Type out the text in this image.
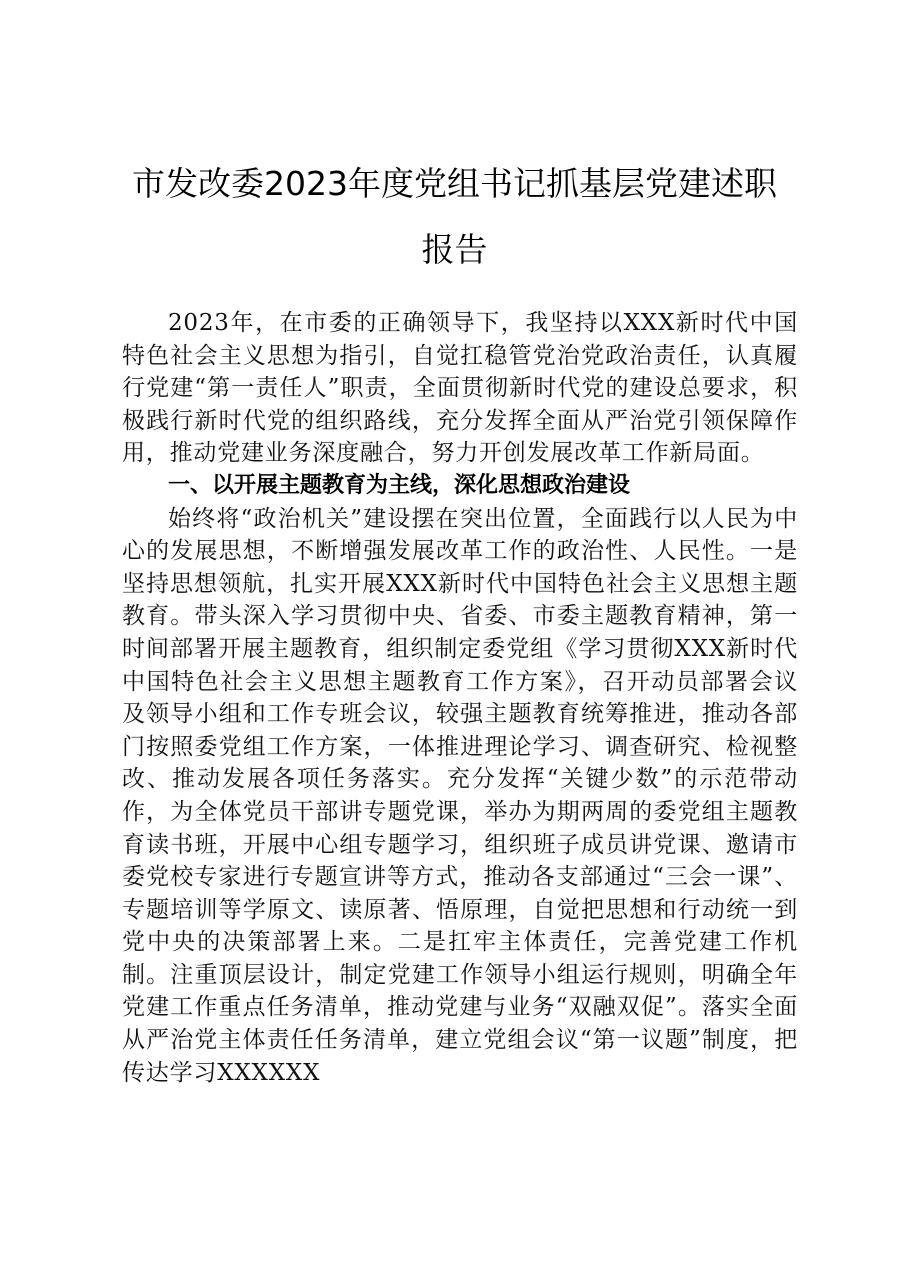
市发改委2023年度党组书记抓基层党建述职
报告

2023年，在市委的正确领导下，我坚持以XXX新时代中国特色社会主义思想为指引，自觉扛稳管党治党政治责任，认真履行党建“第一责任人”职责，全面贯彻新时代党的建设总要求，积极践行新时代党的组织路线，充分发挥全面从严治党引领保障作用，推动党建业务深度融合，努力开创发展改革工作新局面。

一、以开展主题教育为主线，深化思想政治建设

始终将“政治机关”建设摆在突出位置，全面践行以人民为中心的发展思想，不断增强发展改革工作的政治性、人民性。一是坚持思想领航，扎实开展XXX新时代中国特色社会主义思想主题教育。带头深入学习贯彻中央、省委、市委主题教育精神，第一时间部署开展主题教育，组织制定委党组《学习贯彻XXX新时代中国特色社会主义思想主题教育工作方案》，召开动员部署会议及领导小组和工作专班会议，较强主题教育统筹推进，推动各部门按照委党组工作方案，一体推进理论学习、调查研究、检视整改、推动发展各项任务落实。充分发挥“关键少数”的示范带动作，为全体党员干部讲专题党课，举办为期两周的委党组主题教育读书班，开展中心组专题学习，组织班子成员讲党课、邀请市委党校专家进行专题宣讲等方式，推动各支部通过“三会一课”、专题培训等学原文、读原著、悟原理，自觉把思想和行动统一到党中央的决策部署上来。二是扛牢主体责任，完善党建工作机制。注重顶层设计，制定党建工作领导小组运行规则，明确全年党建工作重点任务清单，推动党建与业务“双融双促”。落实全面从严治党主体责任任务清单，建立党组会议“第一议题”制度，把传达学习XXXXXX
